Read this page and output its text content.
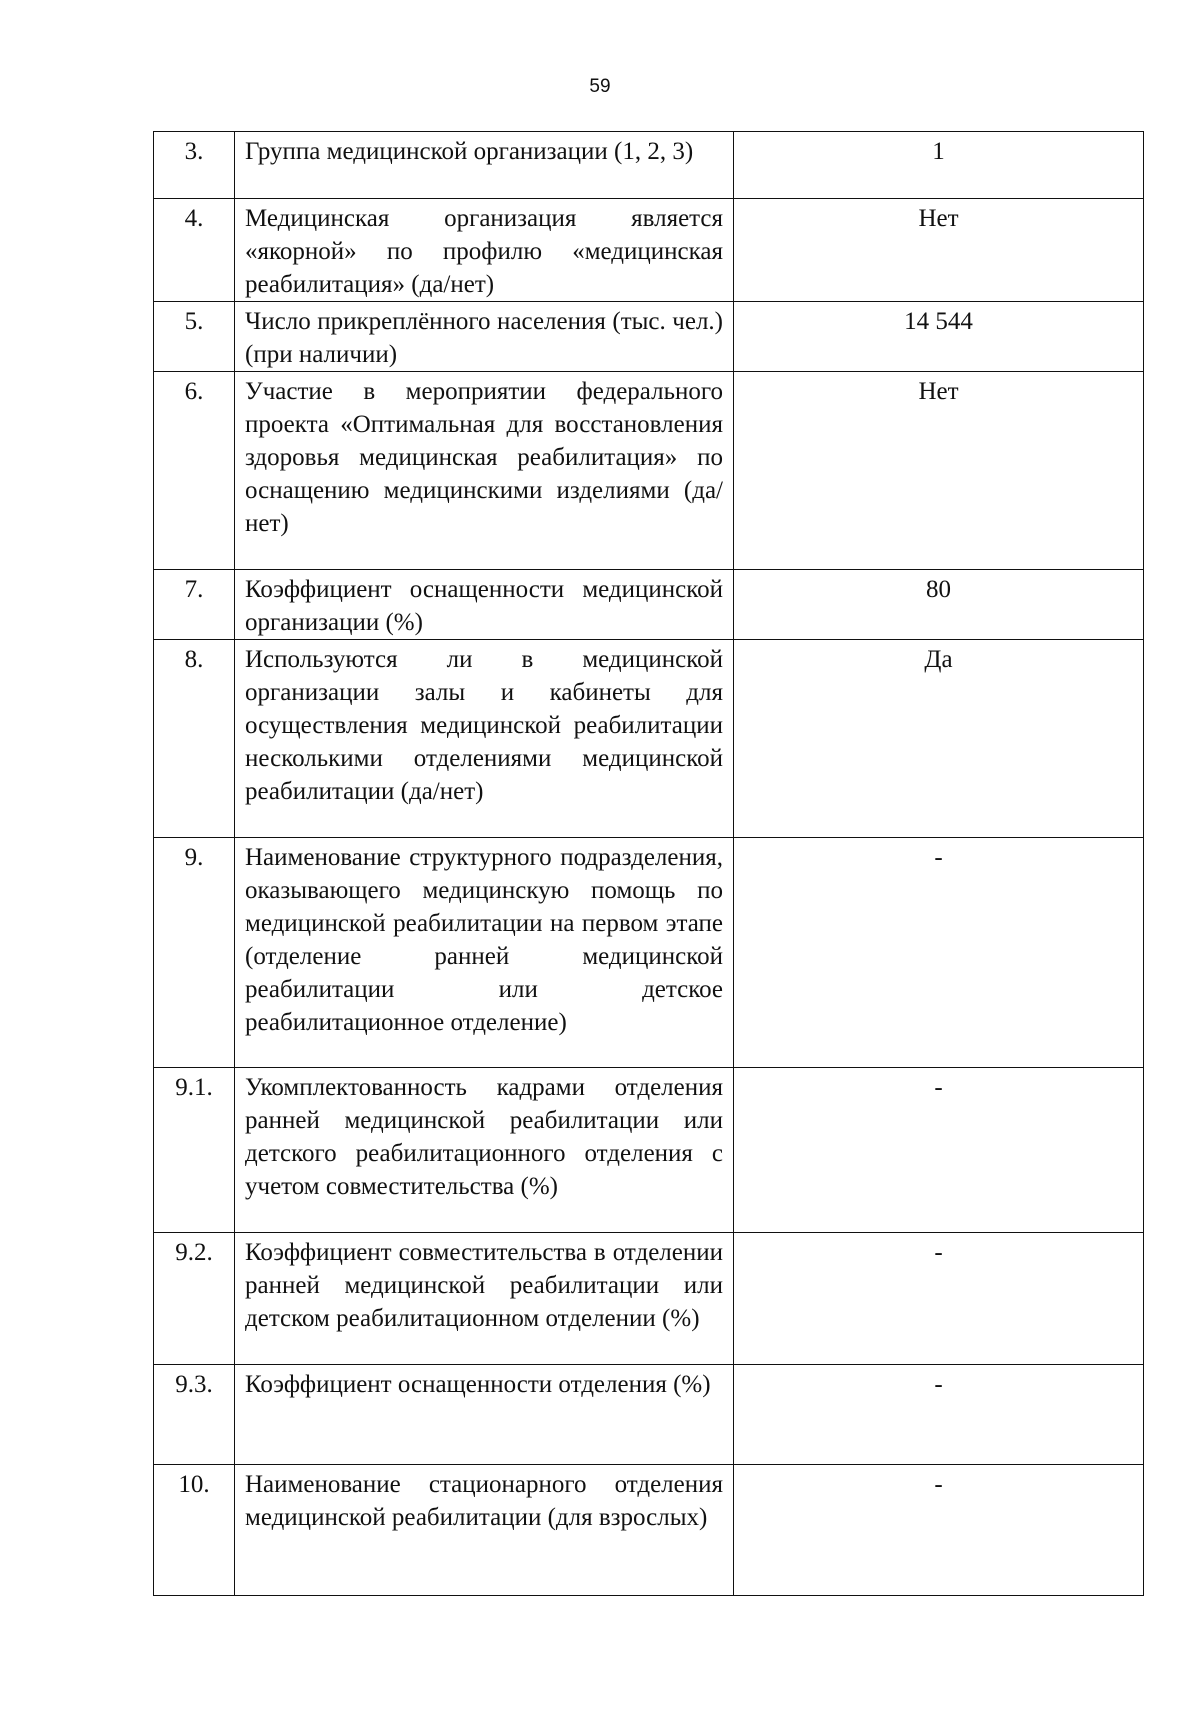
59
3.	Группа медицинской организации (1, 2, 3)	1
4.	Медицинская организация является «якорной» по профилю «медицинская реабилитация» (да/нет)	Нет
5.	Число прикреплённого населения (тыс. чел.) (при наличии)	14 544
6.	Участие в мероприятии федерального проекта «Оптимальная для восстановления здоровья медицинская реабилитация» по оснащению медицинскими изделиями (да/нет)	Нет
7.	Коэффициент оснащенности медицинской организации (%)	80
8.	Используются ли в медицинской организации залы и кабинеты для осуществления медицинской реабилитации несколькими отделениями медицинской реабилитации (да/нет)	Да
9.	Наименование структурного подразделения, оказывающего медицинскую помощь по медицинской реабилитации на первом этапе (отделение ранней медицинской реабилитации или детское реабилитационное отделение)	-
9.1.	Укомплектованность кадрами отделения ранней медицинской реабилитации или детского реабилитационного отделения с учетом совместительства (%)	-
9.2.	Коэффициент совместительства в отделении ранней медицинской реабилитации или детском реабилитационном отделении (%)	-
9.3.	Коэффициент оснащенности отделения (%)	-
10.	Наименование стационарного отделения медицинской реабилитации (для взрослых)	-
